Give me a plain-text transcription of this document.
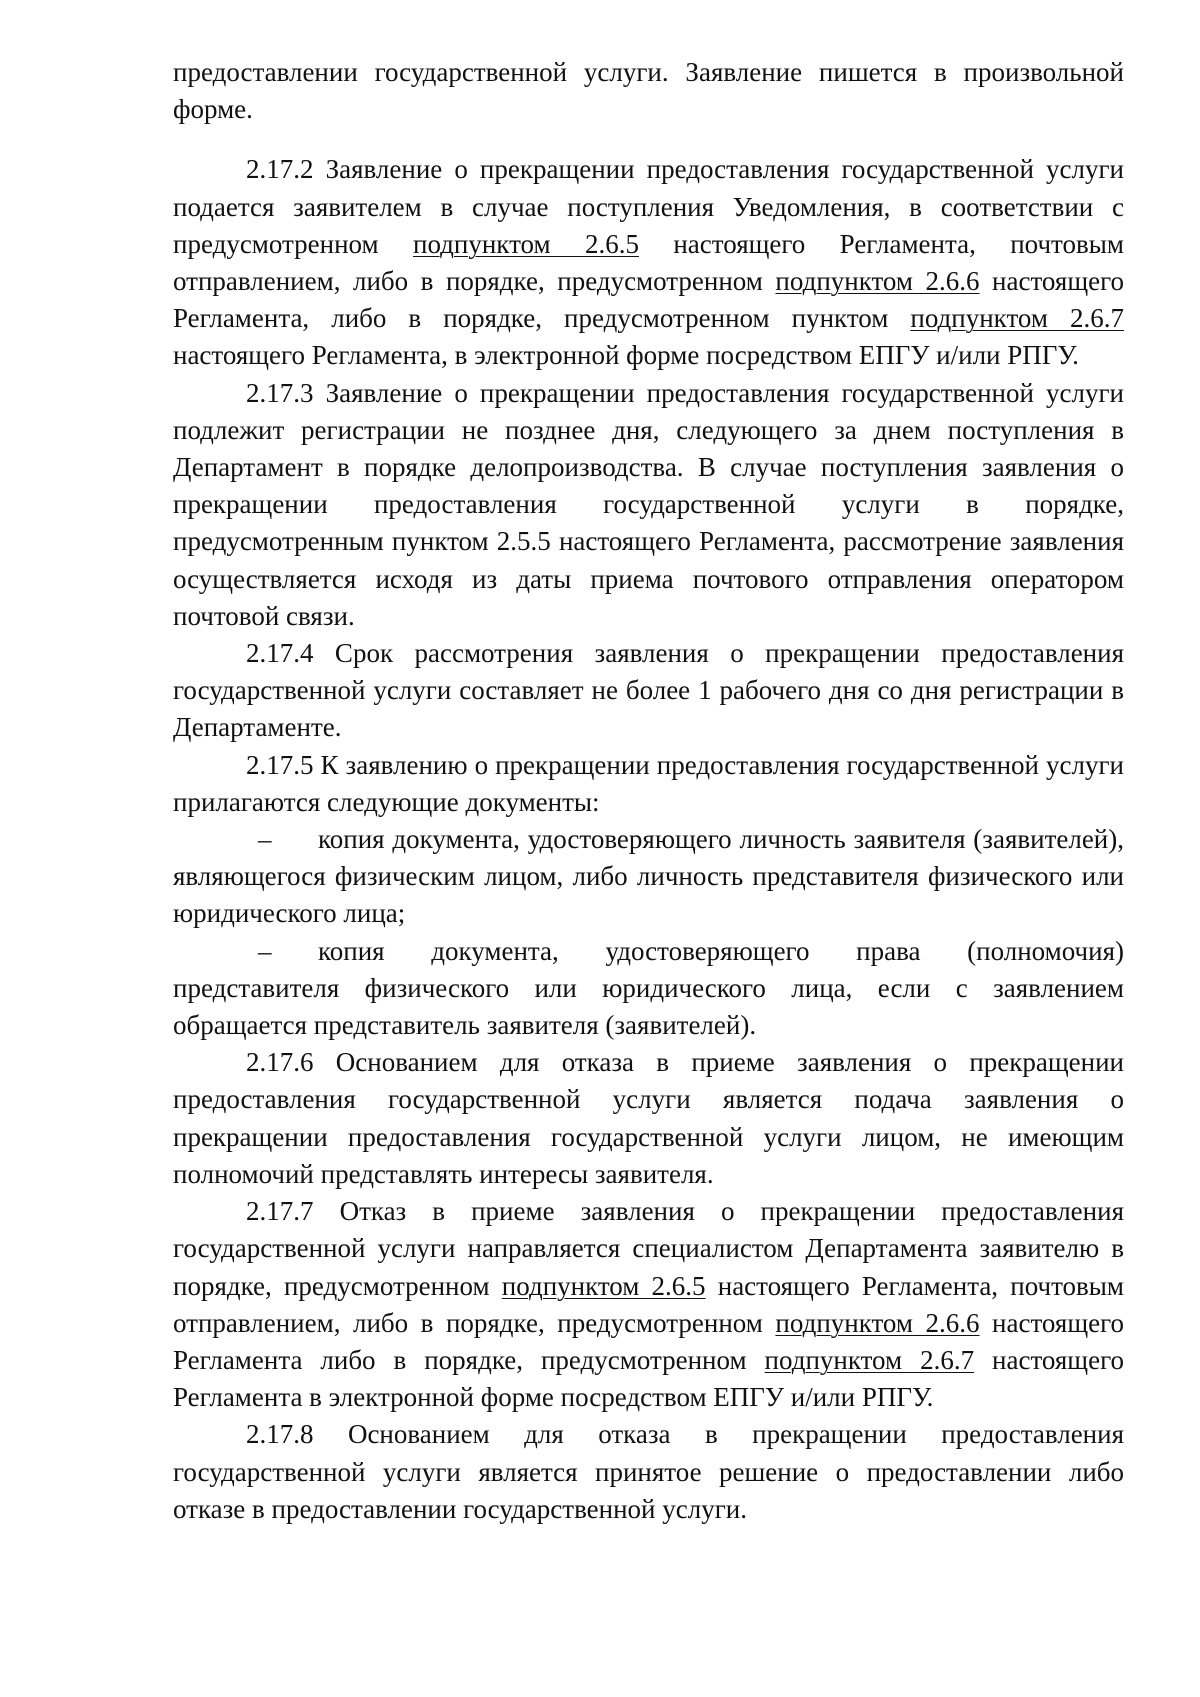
предоставлении государственной услуги. Заявление пишется в произвольной форме.

2.17.2 Заявление о прекращении предоставления государственной услуги подается заявителем в случае поступления Уведомления, в соответствии с предусмотренном подпунктом 2.6.5 настоящего Регламента, почтовым отправлением, либо в порядке, предусмотренном подпунктом 2.6.6 настоящего Регламента, либо в порядке, предусмотренном пунктом подпунктом 2.6.7 настоящего Регламента, в электронной форме посредством ЕПГУ и/или РПГУ.

2.17.3 Заявление о прекращении предоставления государственной услуги подлежит регистрации не позднее дня, следующего за днем поступления в Департамент в порядке делопроизводства. В случае поступления заявления о прекращении предоставления государственной услуги в порядке, предусмотренным пунктом 2.5.5 настоящего Регламента, рассмотрение заявления осуществляется исходя из даты приема почтового отправления оператором почтовой связи.

2.17.4 Срок рассмотрения заявления о прекращении предоставления государственной услуги составляет не более 1 рабочего дня со дня регистрации в Департаменте.

2.17.5 К заявлению о прекращении предоставления государственной услуги прилагаются следующие документы:

– копия документа, удостоверяющего личность заявителя (заявителей), являющегося физическим лицом, либо личность представителя физического или юридического лица;

– копия документа, удостоверяющего права (полномочия) представителя физического или юридического лица, если с заявлением обращается представитель заявителя (заявителей).

2.17.6 Основанием для отказа в приеме заявления о прекращении предоставления государственной услуги является подача заявления о прекращении предоставления государственной услуги лицом, не имеющим полномочий представлять интересы заявителя.

2.17.7 Отказ в приеме заявления о прекращении предоставления государственной услуги направляется специалистом Департамента заявителю в порядке, предусмотренном подпунктом 2.6.5 настоящего Регламента, почтовым отправлением, либо в порядке, предусмотренном подпунктом 2.6.6 настоящего Регламента либо в порядке, предусмотренном подпунктом 2.6.7 настоящего Регламента в электронной форме посредством ЕПГУ и/или РПГУ.

2.17.8 Основанием для отказа в прекращении предоставления государственной услуги является принятое решение о предоставлении либо отказе в предоставлении государственной услуги.
